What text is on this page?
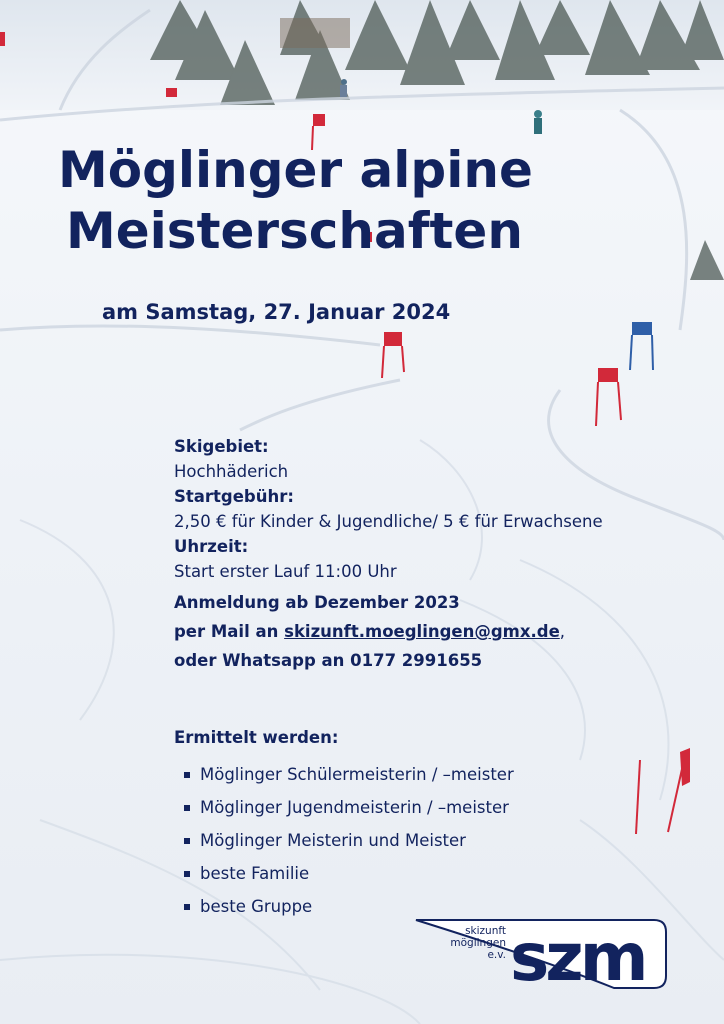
Möglinger alpine
Meisterschaften
am Samstag, 27. Januar 2024
Skigebiet:
Hochhäderich
Startgebühr:
2,50 € für Kinder & Jugendliche/ 5 € für Erwachsene
Uhrzeit:
Start erster Lauf 11:00 Uhr
Anmeldung ab Dezember 2023
per Mail an skizunft.moeglingen@gmx.de,
oder Whatsapp an 0177 2991655
Ermittelt werden:
Möglinger Schülermeisterin / –meister
Möglinger Jugendmeisterin / –meister
Möglinger Meisterin und Meister
beste Familie
beste Gruppe
skizunft
möglingen
e.v. szm
